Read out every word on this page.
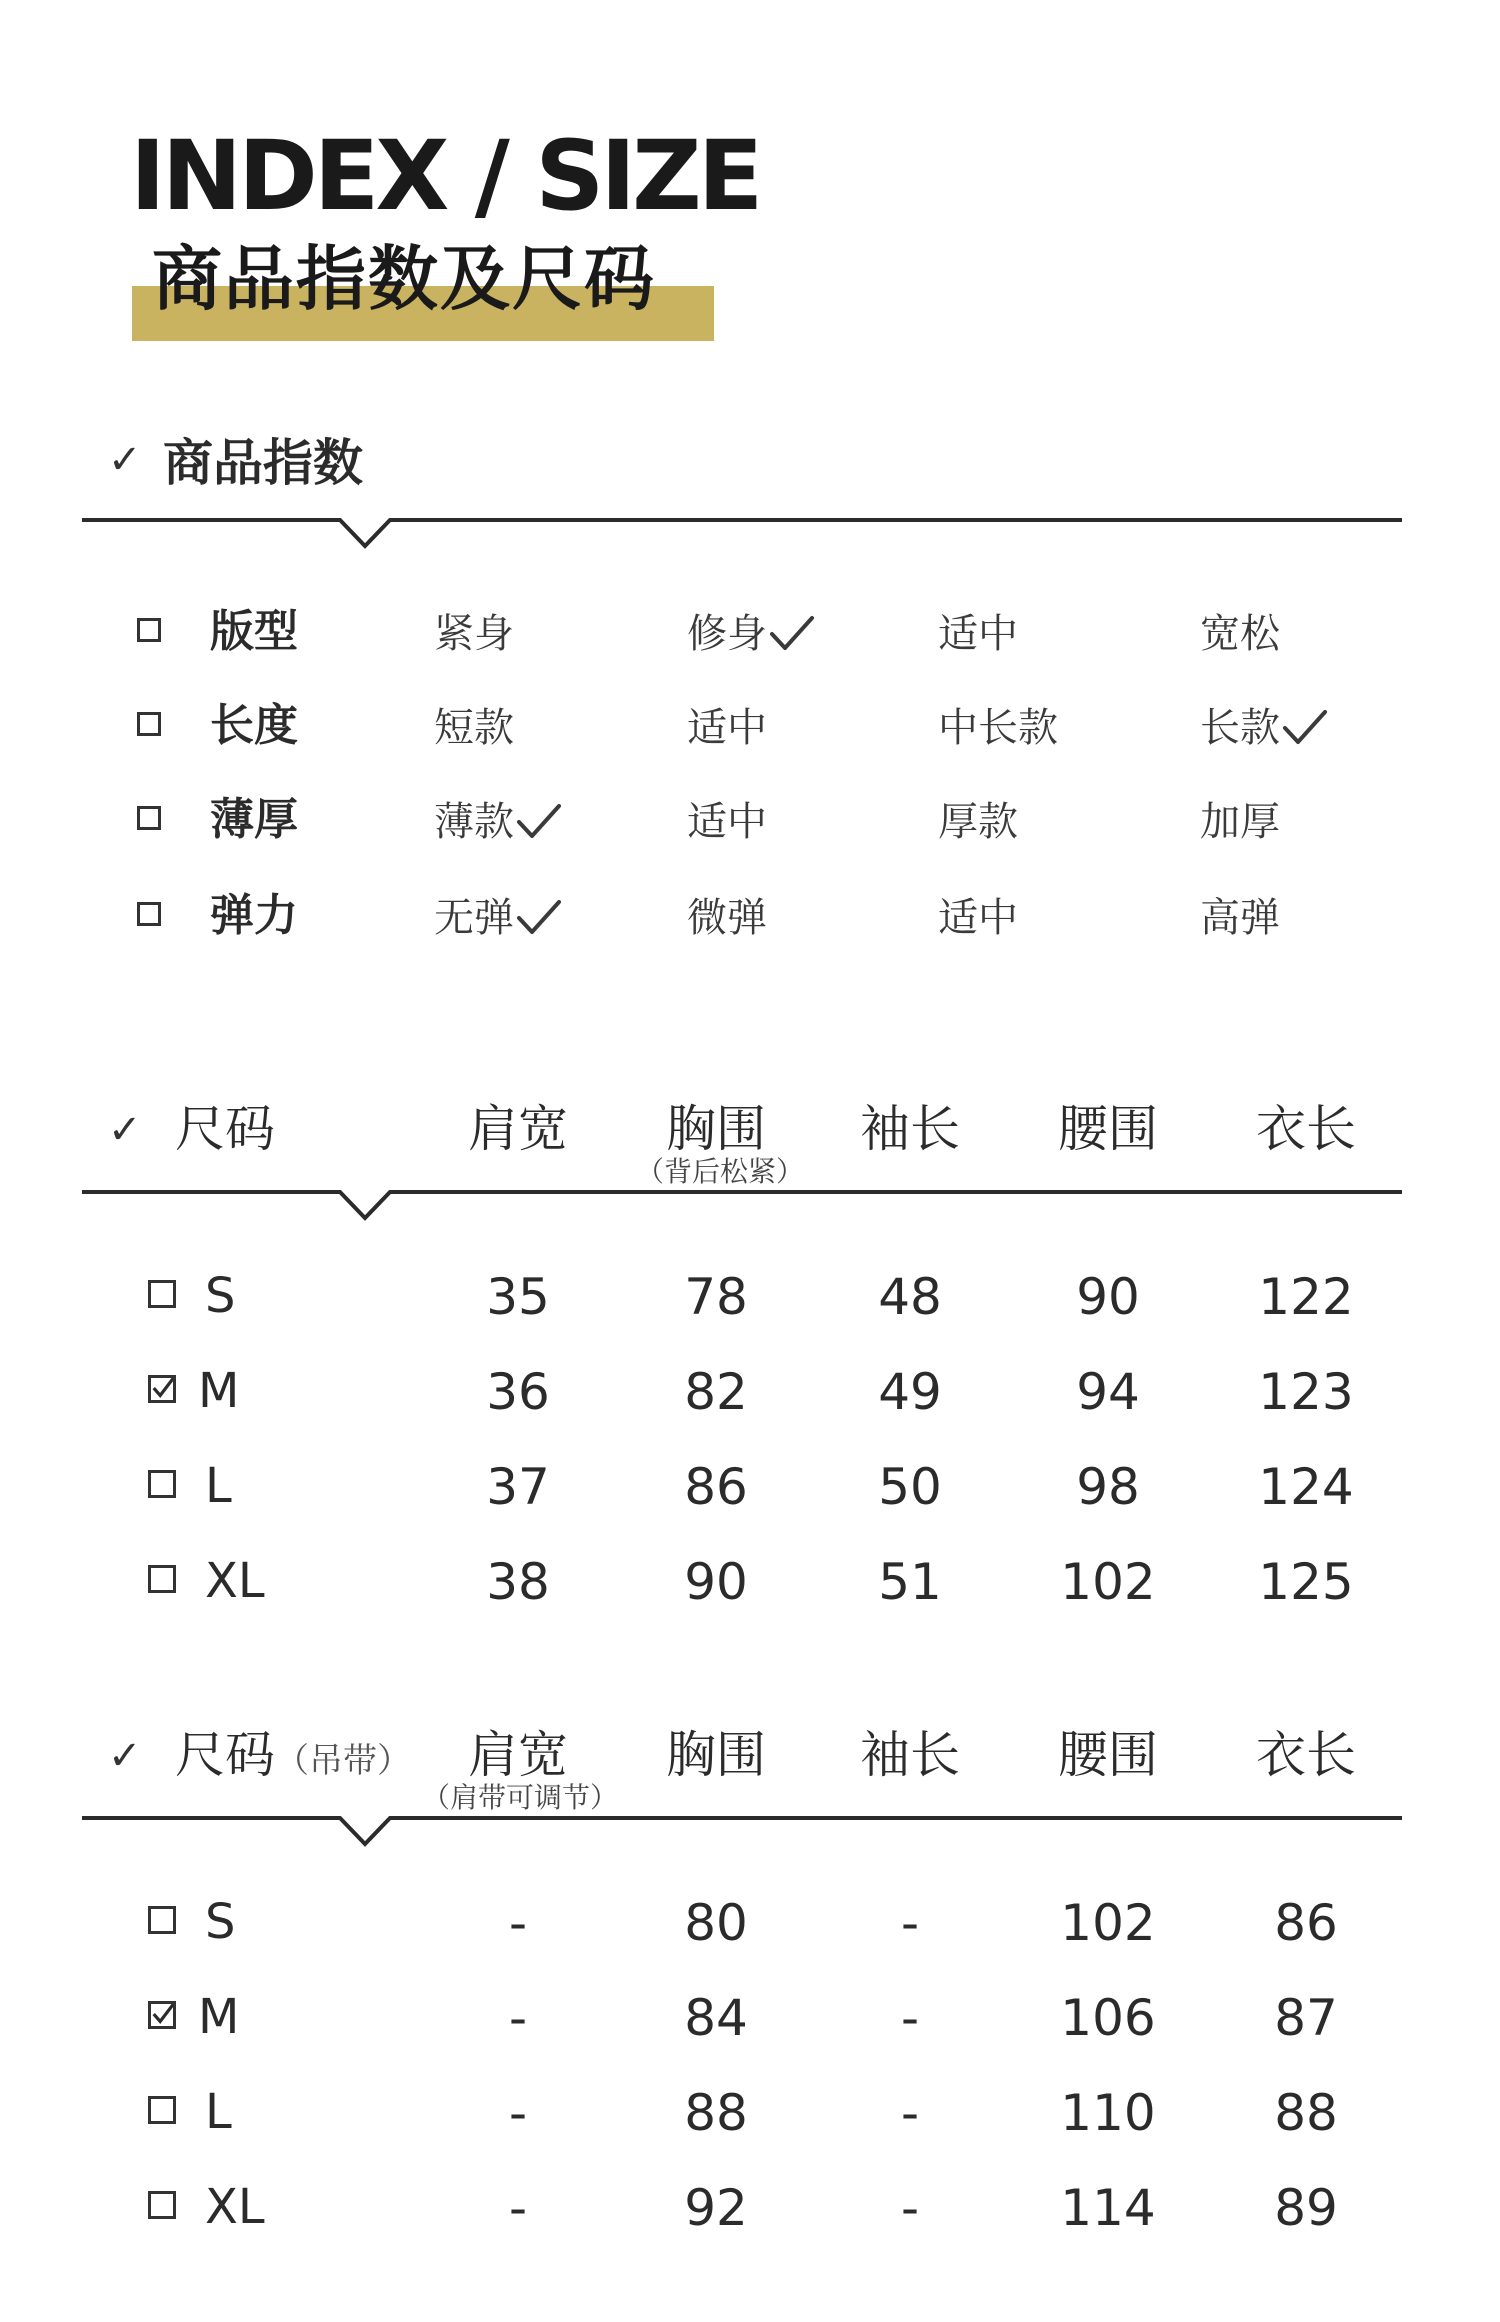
INDEX / SIZE
商品指数及尺码
✓ 商品指数
版型	紧身	修身	适中	宽松
长度	短款	适中	中长款	长款
薄厚	薄款	适中	厚款	加厚
弹力	无弹	微弹	适中	高弹
✓ 尺码	肩宽	胸围	袖长	腰围	衣长
（背后松紧）
S	35	78	48	90	122
M	36	82	49	94	123
L	37	86	50	98	124
XL	38	90	51	102	125
✓ 尺码（吊带）	肩宽	胸围	袖长	腰围	衣长
（肩带可调节）
S	-	80	-	102	86
M	-	84	-	106	87
L	-	88	-	110	88
XL	-	92	-	114	89
